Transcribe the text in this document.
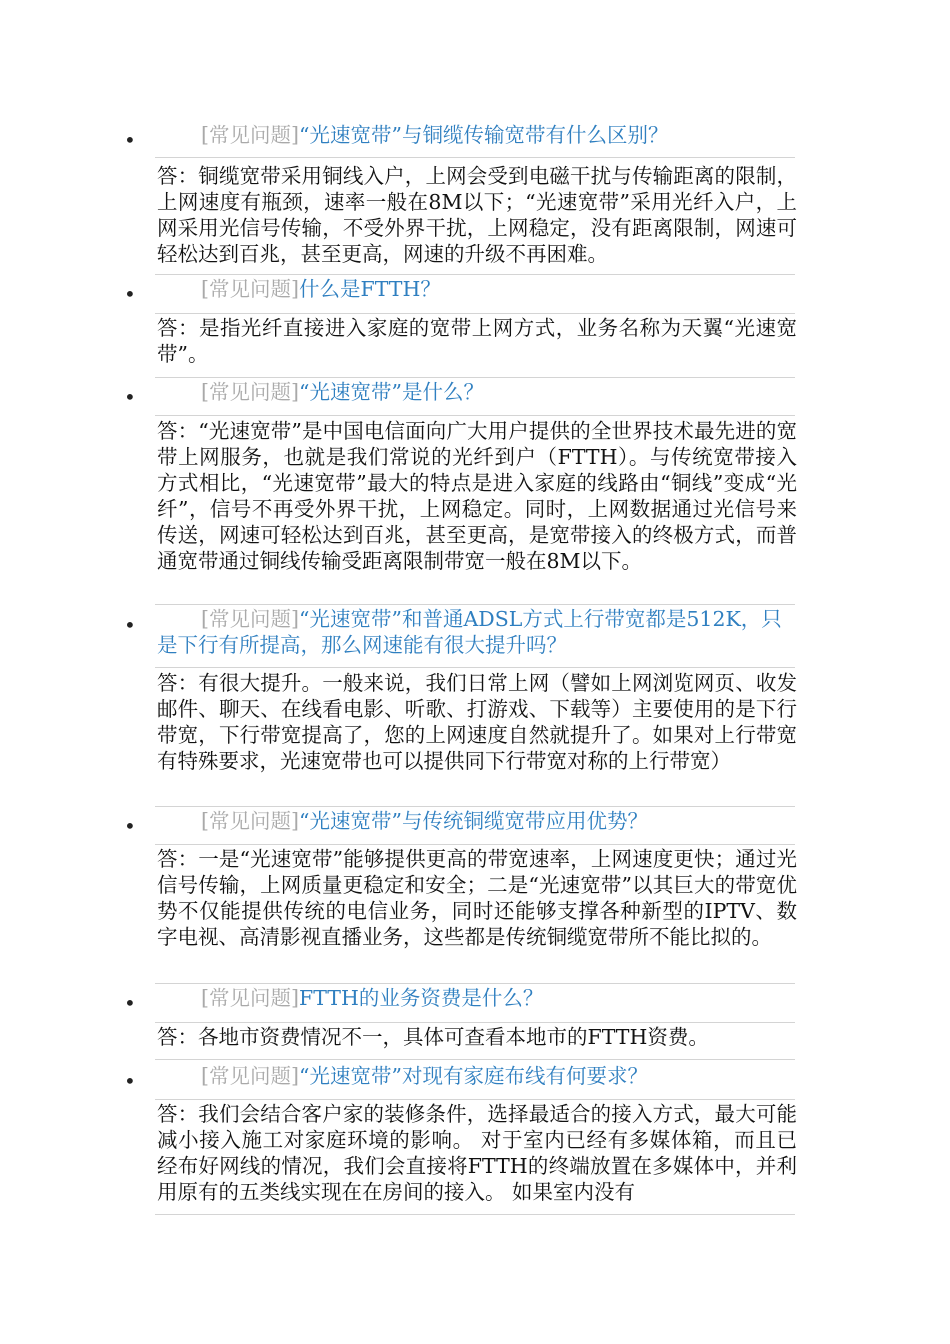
•	[常见问题]“光速宽带”与铜缆传输宽带有什么区别？

答：铜缆宽带采用铜线入户，上网会受到电磁干扰与传输距离的限制，上网速度有瓶颈，速率一般在8M以下；“光速宽带”采用光纤入户，上网采用光信号传输，不受外界干扰，上网稳定，没有距离限制，网速可轻松达到百兆，甚至更高，网速的升级不再困难。

•	[常见问题]什么是FTTH？

答：是指光纤直接进入家庭的宽带上网方式，业务名称为天翼“光速宽带”。

•	[常见问题]“光速宽带”是什么？

答：“光速宽带”是中国电信面向广大用户提供的全世界技术最先进的宽带上网服务，也就是我们常说的光纤到户（FTTH）。与传统宽带接入方式相比，“光速宽带”最大的特点是进入家庭的线路由“铜线”变成“光纤”，信号不再受外界干扰，上网稳定。同时，上网数据通过光信号来传送，网速可轻松达到百兆，甚至更高，是宽带接入的终极方式，而普通宽带通过铜线传输受距离限制带宽一般在8M以下。

•	[常见问题]“光速宽带”和普通ADSL方式上行带宽都是512K，只是下行有所提高，那么网速能有很大提升吗？

答：有很大提升。一般来说，我们日常上网（譬如上网浏览网页、收发邮件、聊天、在线看电影、听歌、打游戏、下载等）主要使用的是下行带宽，下行带宽提高了，您的上网速度自然就提升了。如果对上行带宽有特殊要求，光速宽带也可以提供同下行带宽对称的上行带宽）

•	[常见问题]“光速宽带”与传统铜缆宽带应用优势？

答：一是“光速宽带”能够提供更高的带宽速率，上网速度更快；通过光信号传输，上网质量更稳定和安全；二是“光速宽带”以其巨大的带宽优势不仅能提供传统的电信业务，同时还能够支撑各种新型的IPTV、数字电视、高清影视直播业务，这些都是传统铜缆宽带所不能比拟的。

•	[常见问题]FTTH的业务资费是什么？

答：各地市资费情况不一，具体可查看本地市的FTTH资费。

•	[常见问题]“光速宽带”对现有家庭布线有何要求？

答：我们会结合客户家的装修条件，选择最适合的接入方式，最大可能减小接入施工对家庭环境的影响。 对于室内已经有多媒体箱，而且已经布好网线的情况，我们会直接将FTTH的终端放置在多媒体中，并利用原有的五类线实现在在房间的接入。 如果室内没有
